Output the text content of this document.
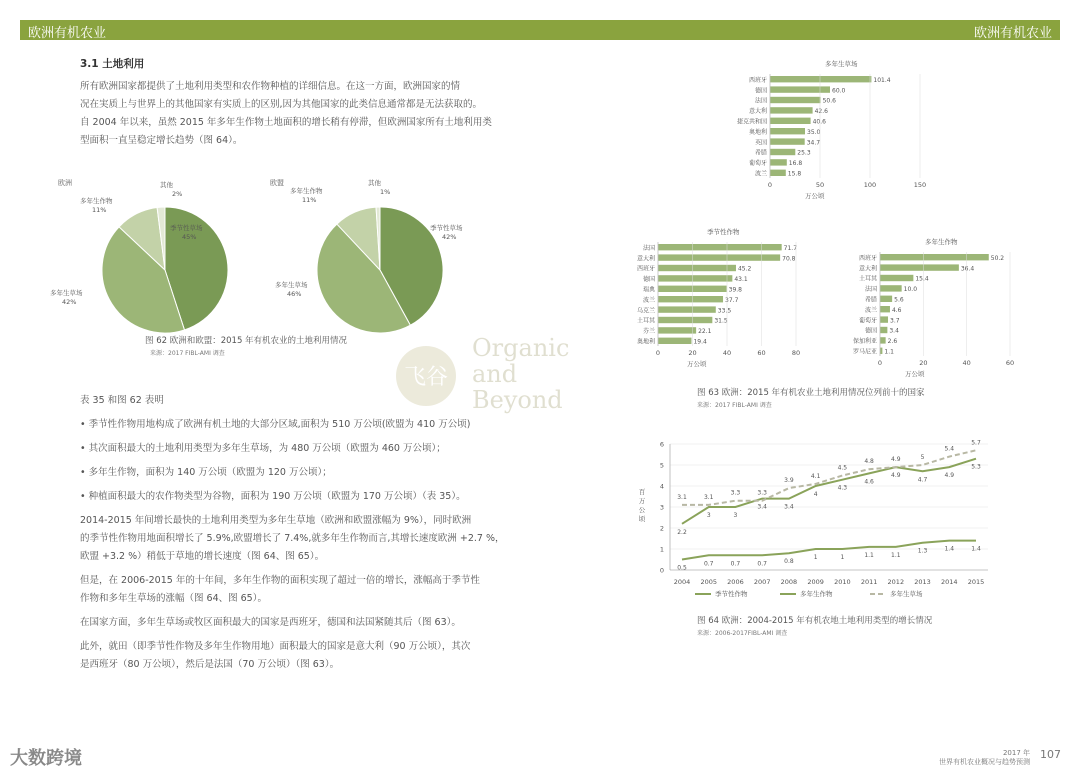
欧洲有机农业	欧洲有机农业
3.1 土地利用
所有欧洲国家都提供了土地利用类型和农作物种植的详细信息。在这一方面，欧洲国家的情
况在実质上与世界上的其他国家有实质上的区别,因为其他国家的此类信息通常都是无法获取的。
自 2004 年以来，虽然 2015 年多年生作物土地面积的增长稍有停滞，但欧洲国家所有土地利用类
型面积一直呈稳定增长趋势（图 64）。
欧洲
季节性草场
45%
多年生草场
42%
多年生作物
11%
其他
2%
欧盟
季节性草场
42%
多年生草场
46%
多年生作物
11%
其他
1%
图 62 欧洲和欧盟：2015 年有机农业的土地利用情况
来源：2017 FIBL-AMI 调查
飞谷
Organic
and
Beyond
表 35 和图 62 表明
• 季节性作物用地构成了欧洲有机土地的大部分区域,面积为 510 万公顷(欧盟为 410 万公顷)
• 其次面积最大的土地利用类型为多年生草场，为 480 万公顷（欧盟为 460 万公顷）；
• 多年生作物，面积为 140 万公顷（欧盟为 120 万公顷）；
• 种植面积最大的农作物类型为谷物，面积为 190 万公顷（欧盟为 170 万公顷）（表 35）。
2014-2015 年间增长最快的土地利用类型为多年生草地（欧洲和欧盟涨幅为 9%），同时欧洲
的季节性作物用地面积增长了 5.9%,欧盟增长了 7.4%,就多年生作物而言,其增长速度欧洲 +2.7 %，
欧盟 +3.2 %）稍低于草地的增长速度（图 64、图 65）。
但是，在 2006-2015 年的十年间，多年生作物的面积实现了超过一倍的增长，涨幅高于季节性
作物和多年生草场的涨幅（图 64、图 65）。
在国家方面，多年生草场或牧区面积最大的国家是西班牙，德国和法国紧随其后（图 63）。
此外，就田（即季节性作物及多年生作物用地）面积最大的国家是意大利（90 万公顷），其次
是西班牙（80 万公顷），然后是法国（70 万公顷）（图 63）。
多年生草场
西班牙	101.4
德国	60.0
法国	50.6
意大利	42.6
捷克共和国	40.6
奥地利	35.0
英国	34.7
希腊	25.3
葡萄牙	16.8
波兰	15.8
0	50	100	150
万公顷
季节性作物
法国	71.7
意大利	70.8
西班牙	45.2
德国	43.1
瑞典	39.8
波兰	37.7
乌克兰	33.5
土耳其	31.5
芬兰	22.1
奥地利	19.4
0	20	40	60	80
万公顷
多年生作物
西班牙	50.2
意大利	36.4
土耳其	15.4
法国	10.0
希腊	5.6
波兰 4.6
葡萄牙 3.7
德国 3.4
保加利亚 2.6
罗马尼亚 1.1
0	20	40	60
万公顷
图 63 欧洲：2015 年有机农业土地利用情况位列前十的国家
来源：2017 FIBL-AMI 调查
0
1
2
3
4
5
6
百
万
公
顷
2004 2005 2006 2007 2008 2009 2010 2011 2012 2013 2014 2015
2.2
3	3
3.4	3.4
4
4.3
4.6
4.9
4.7
4.9
5.3
0.5
0.7	0.7	0.7	0.8
1	1	1.1	1.1
1.3	1.4	1.4
3.1	3.1
3.3	3.3
3.9
4.1
4.5
4.8	4.9	5
5.4
5.7
季节性作物	多年生作物	多年生草场
图 64 欧洲：2004-2015 年有机农地土地利用类型的增长情况
来源：2006-2017FIBL-AMI 调查
大数跨境	2017 年
世界有机农业概况与趋势预测
107
